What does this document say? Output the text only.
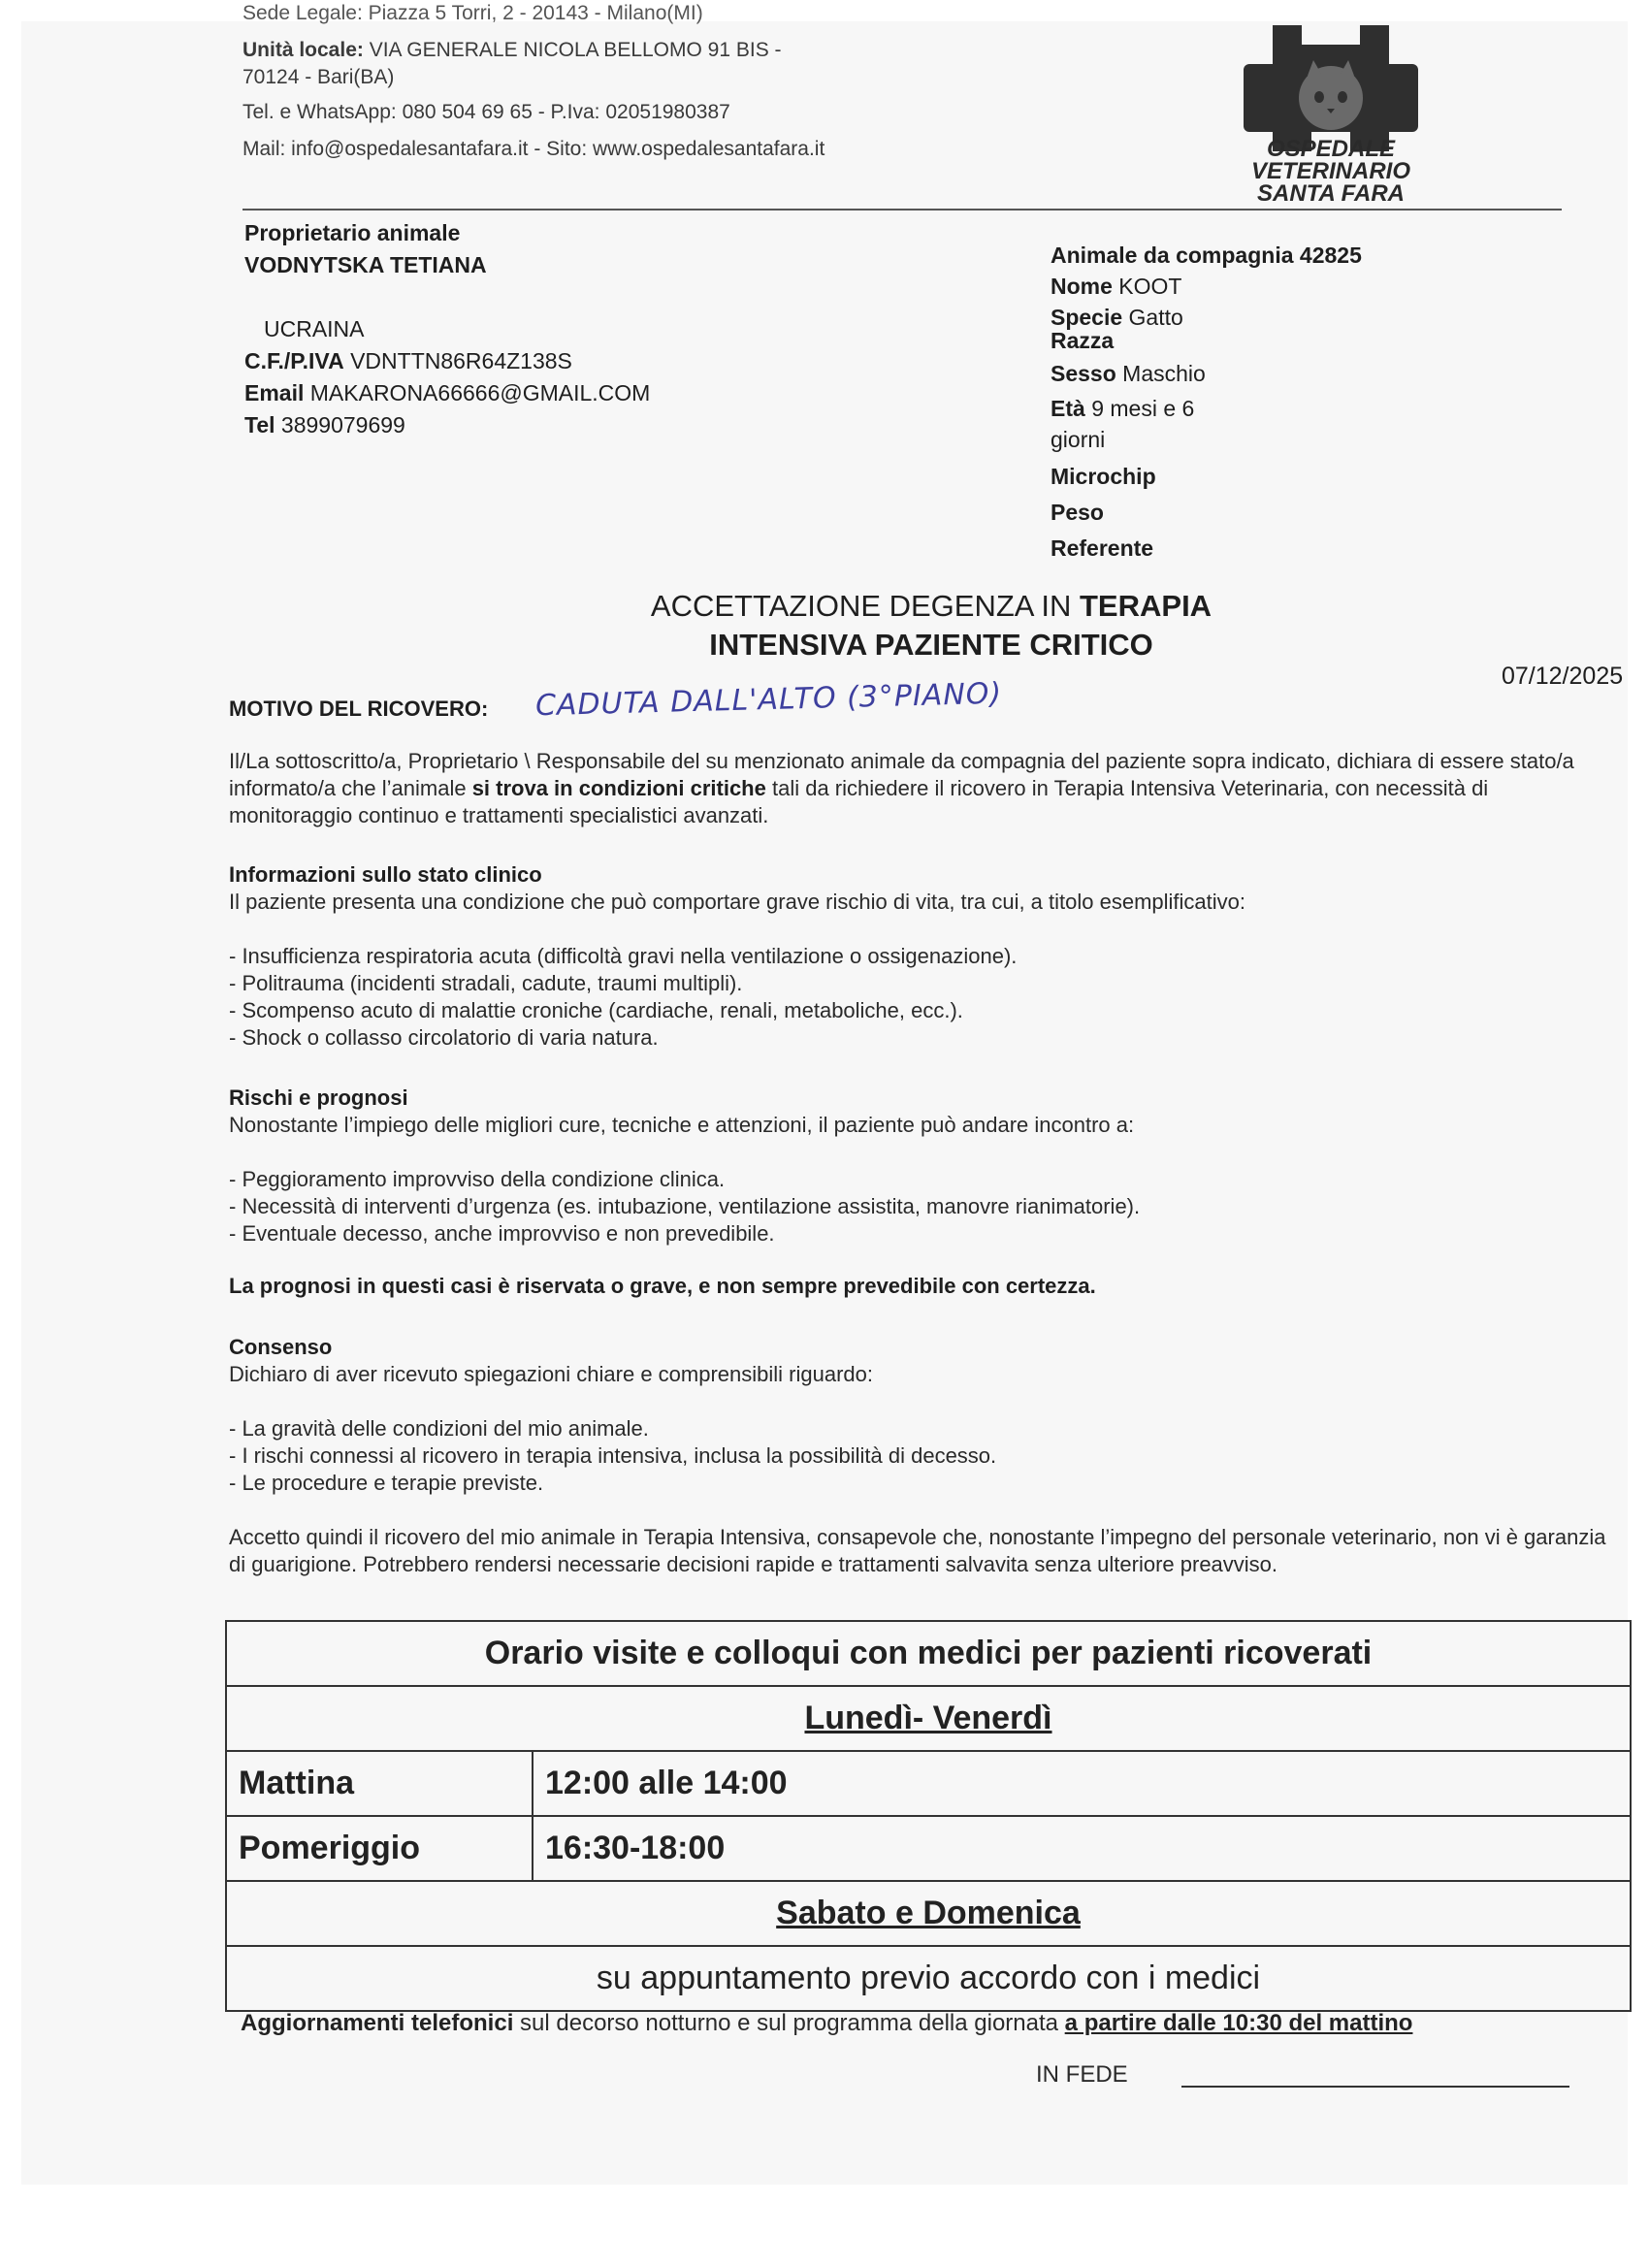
Sede Legale: Piazza 5 Torri, 2 - 20143 - Milano(MI)
Unità locale: VIA GENERALE NICOLA BELLOMO 91 BIS -
70124 - Bari(BA)
Tel. e WhatsApp: 080 504 69 65 - P.Iva: 02051980387
Mail: info@ospedalesantafara.it - Sito: www.ospedalesantafara.it	OSPEDALE
VETERINARIO
SANTA FARA
Proprietario animale
VODNYTSKA TETIANA

UCRAINA
C.F./P.IVA VDNTTN86R64Z138S
Email MAKARONA66666@GMAIL.COM
Tel 3899079699
Animale da compagnia 42825
Nome KOOT
Specie Gatto
Razza
Sesso Maschio
Età 9 mesi e 6
giorni
Microchip
Peso
Referente
ACCETTAZIONE DEGENZA IN TERAPIA
INTENSIVA PAZIENTE CRITICO
07/12/2025
MOTIVO DEL RICOVERO: CADUTA DALL'ALTO (3°PIANO)

Il/La sottoscritto/a, Proprietario \ Responsabile del su menzionato animale da compagnia del paziente sopra indicato, dichiara di essere stato/a informato/a che l’animale si trova in condizioni critiche tali da richiedere il ricovero in Terapia Intensiva Veterinaria, con necessità di monitoraggio continuo e trattamenti specialistici avanzati.

Informazioni sullo stato clinico

Il paziente presenta una condizione che può comportare grave rischio di vita, tra cui, a titolo esemplificativo:

- Insufficienza respiratoria acuta (difficoltà gravi nella ventilazione o ossigenazione).
- Politrauma (incidenti stradali, cadute, traumi multipli).
- Scompenso acuto di malattie croniche (cardiache, renali, metaboliche, ecc.).
- Shock o collasso circolatorio di varia natura.

Rischi e prognosi

Nonostante l’impiego delle migliori cure, tecniche e attenzioni, il paziente può andare incontro a:

- Peggioramento improvviso della condizione clinica.
- Necessità di interventi d’urgenza (es. intubazione, ventilazione assistita, manovre rianimatorie).
- Eventuale decesso, anche improvviso e non prevedibile.

La prognosi in questi casi è riservata o grave, e non sempre prevedibile con certezza.

Consenso

Dichiaro di aver ricevuto spiegazioni chiare e comprensibili riguardo:

- La gravità delle condizioni del mio animale.
- I rischi connessi al ricovero in terapia intensiva, inclusa la possibilità di decesso.
- Le procedure e terapie previste.

Accetto quindi il ricovero del mio animale in Terapia Intensiva, consapevole che, nonostante l’impegno del personale veterinario, non vi è garanzia di guarigione. Potrebbero rendersi necessarie decisioni rapide e trattamenti salvavita senza ulteriore preavviso.

Orario visite e colloqui con medici per pazienti ricoverati	
Lunedì- Venerdì	
Mattina	12:00 alle 14:00
Pomeriggio	16:30-18:00
Sabato e Domenica	
su appuntamento previo accordo con i medici	
Aggiornamenti telefonici sul decorso notturno e sul programma della giornata a partire dalle 10:30 del mattino
IN FEDE
